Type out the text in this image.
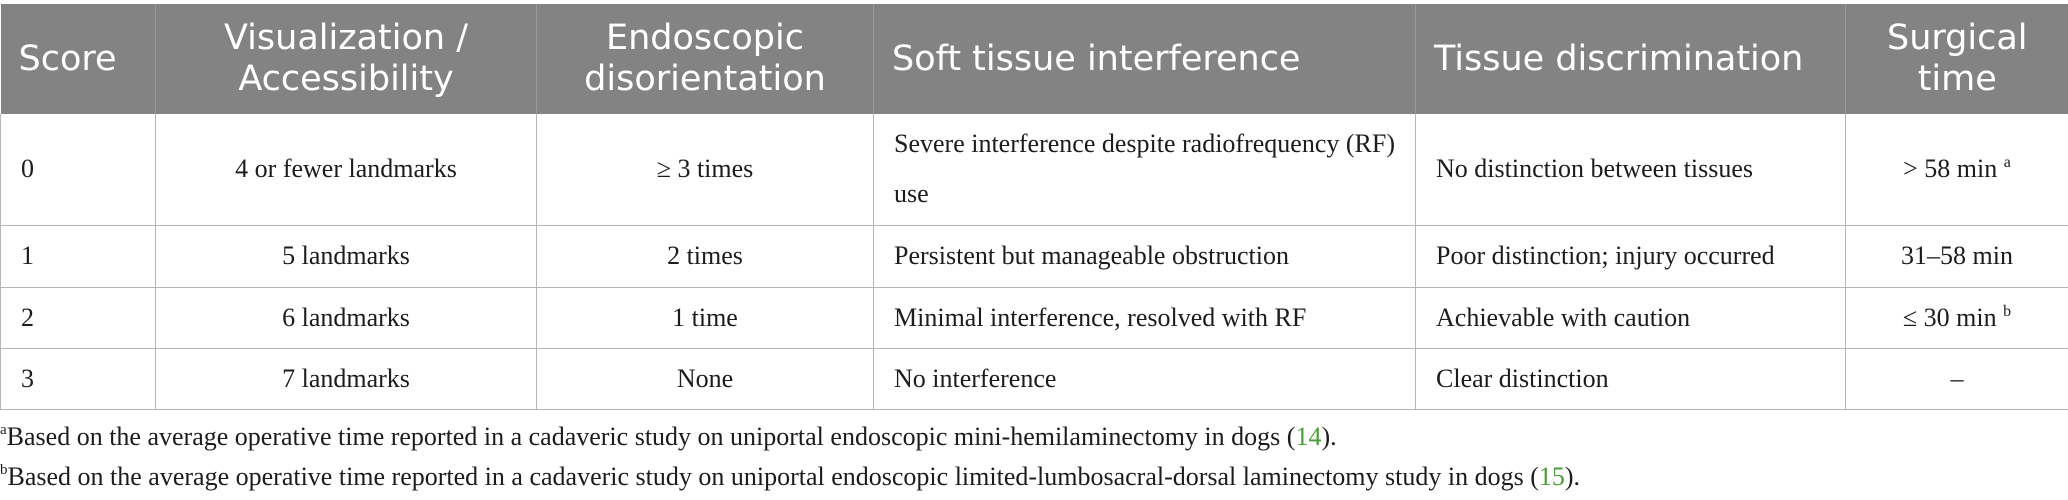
Score	Visualization / Accessibility	Endoscopic disorientation	Soft tissue interference	Tissue discrimination	Surgical time
0	4 or fewer landmarks	≥ 3 times	Severe interference despite radiofrequency (RF) use	No distinction between tissues	> 58 min $^a$
1	5 landmarks	2 times	Persistent but manageable obstruction	Poor distinction; injury occurred	31–58 min
2	6 landmarks	1 time	Minimal interference, resolved with RF	Achievable with caution	≤ 30 min $^b$
3	7 landmarks	None	No interference	Clear distinction	–
$^a$Based on the average operative time reported in a cadaveric study on uniportal endoscopic mini-hemilaminectomy in dogs (14).
$^b$Based on the average operative time reported in a cadaveric study on uniportal endoscopic limited-lumbosacral-dorsal laminectomy study in dogs (15).
